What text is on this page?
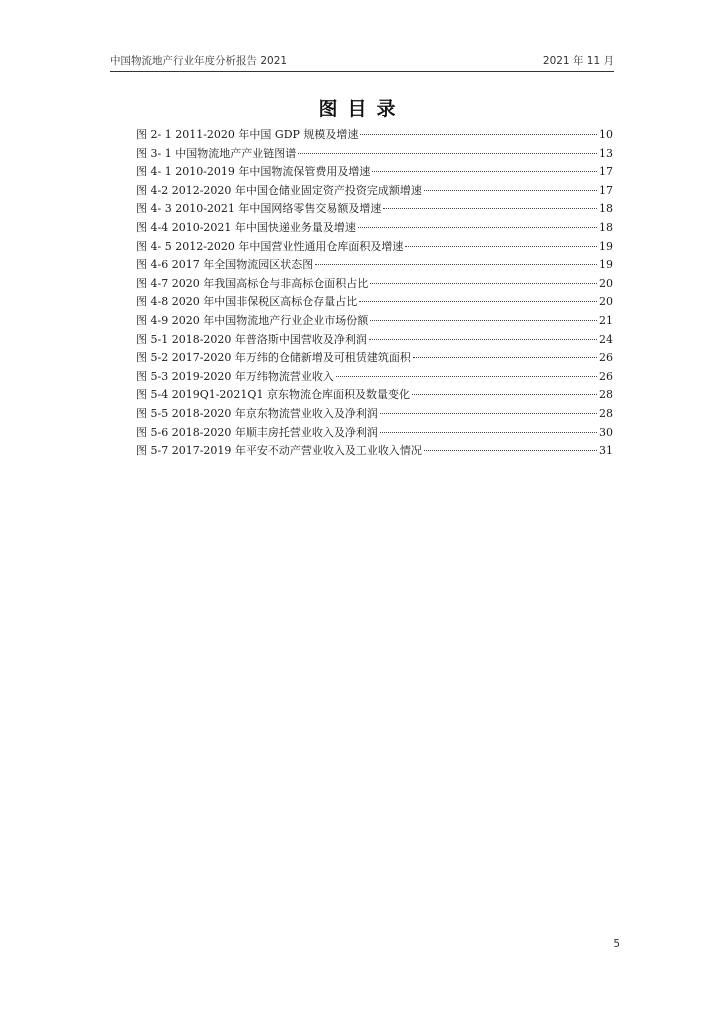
中国物流地产行业年度分析报告 2021	2021 年 11 月
图目录
图 2- 1 2011-2020 年中国 GDP 规模及增速	10
图 3- 1 中国物流地产产业链图谱	13
图 4- 1 2010-2019 年中国物流保管费用及增速	17
图 4-2 2012-2020 年中国仓储业固定资产投资完成额增速	17
图 4- 3 2010-2021 年中国网络零售交易额及增速	18
图 4-4 2010-2021 年中国快递业务量及增速	18
图 4- 5 2012-2020 年中国营业性通用仓库面积及增速	19
图 4-6 2017 年全国物流园区状态图	19
图 4-7 2020 年我国高标仓与非高标仓面积占比	20
图 4-8 2020 年中国非保税区高标仓存量占比	20
图 4-9 2020 年中国物流地产行业企业市场份额	21
图 5-1 2018-2020 年普洛斯中国营收及净利润	24
图 5-2 2017-2020 年万纬的仓储新增及可租赁建筑面积	26
图 5-3 2019-2020 年万纬物流营业收入	26
图 5-4 2019Q1-2021Q1 京东物流仓库面积及数量变化	28
图 5-5 2018-2020 年京东物流营业收入及净利润	28
图 5-6 2018-2020 年顺丰房托营业收入及净利润	30
图 5-7 2017-2019 年平安不动产营业收入及工业收入情况	31
5
